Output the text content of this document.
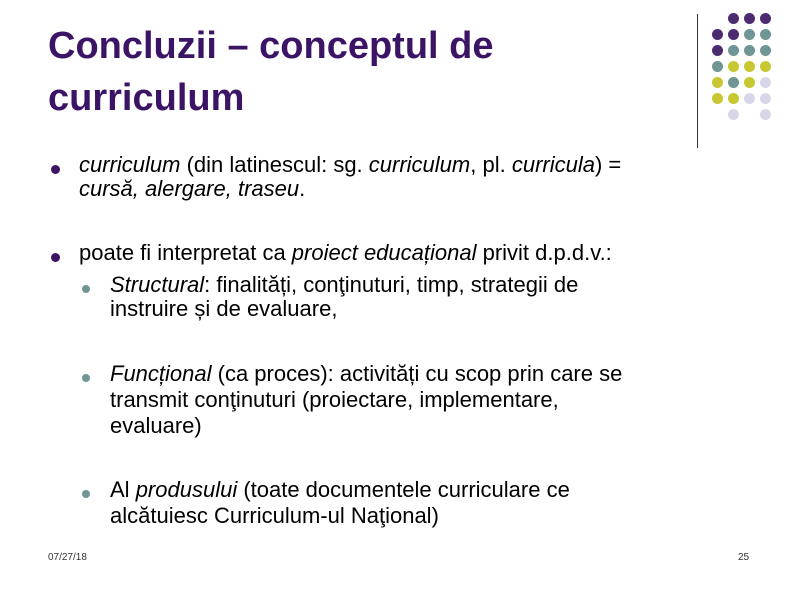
Concluzii – conceptul de
curriculum
curriculum (din latinescul: sg. curriculum, pl. curricula) =
cursă, alergare, traseu.
poate fi interpretat ca proiect educațional privit d.p.d.v.:
Structural: finalități, conţinuturi, timp, strategii de
instruire și de evaluare,
Funcțional (ca proces): activități cu scop prin care se
transmit conţinuturi (proiectare, implementare,
evaluare)
Al produsului (toate documentele curriculare ce
alcătuiesc Curriculum-ul Naţional)
07/27/18	25
